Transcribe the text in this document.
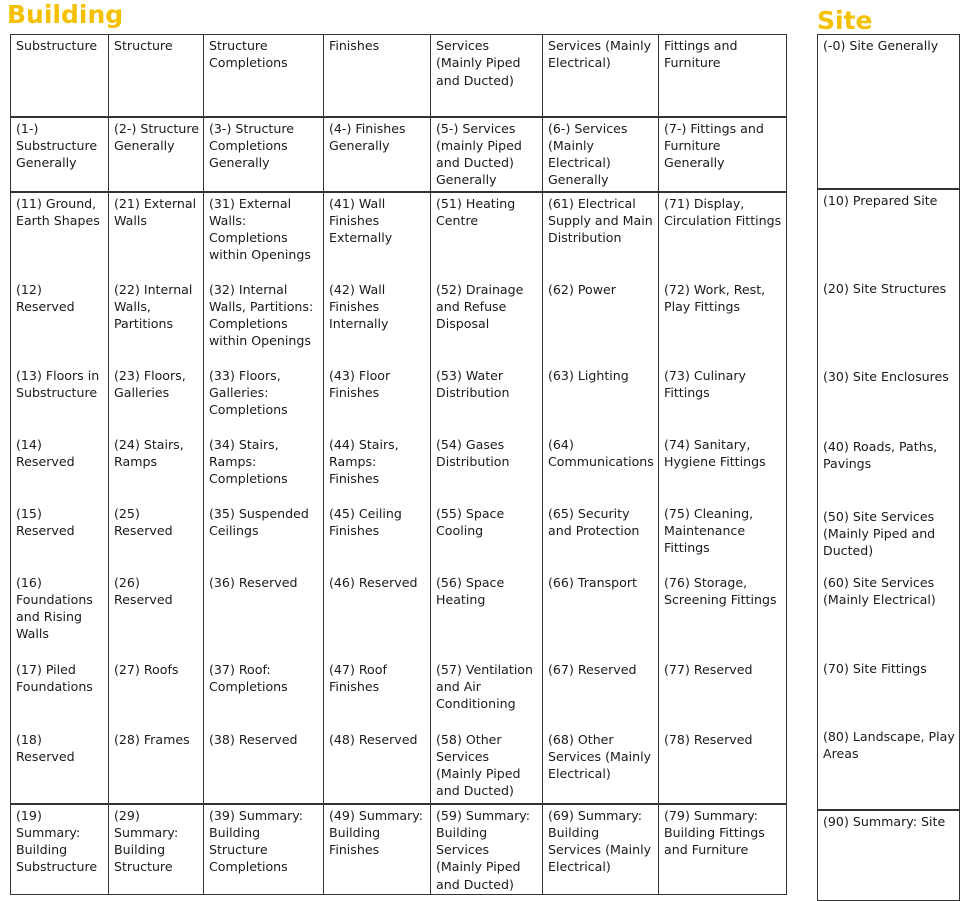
Building	Site
Substructure	Structure	Structure Completions	Finishes	Services (Mainly Piped and Ducted)	Services (Mainly Electrical)	Fittings and Furniture
(1-) Substructure Generally	(2-) Structure Generally	(3-) Structure Completions Generally	(4-) Finishes Generally	(5-) Services (mainly Piped and Ducted) Generally	(6-) Services (Mainly Electrical) Generally	(7-) Fittings and Furniture Generally
(11) Ground, Earth Shapes	(21) External Walls	(31) External Walls: Completions within Openings	(41) Wall Finishes Externally	(51) Heating Centre	(61) Electrical Supply and Main Distribution	(71) Display, Circulation Fittings
(12) Reserved	(22) Internal Walls, Partitions	(32) Internal Walls, Partitions: Completions within Openings	(42) Wall Finishes Internally	(52) Drainage and Refuse Disposal	(62) Power	(72) Work, Rest, Play Fittings
(13) Floors in Substructure	(23) Floors, Galleries	(33) Floors, Galleries: Completions	(43) Floor Finishes	(53) Water Distribution	(63) Lighting	(73) Culinary Fittings
(14) Reserved	(24) Stairs, Ramps	(34) Stairs, Ramps: Completions	(44) Stairs, Ramps: Finishes	(54) Gases Distribution	(64) Communications	(74) Sanitary, Hygiene Fittings
(15) Reserved	(25) Reserved	(35) Suspended Ceilings	(45) Ceiling Finishes	(55) Space Cooling	(65) Security and Protection	(75) Cleaning, Maintenance Fittings
(16) Foundations and Rising Walls	(26) Reserved	(36) Reserved	(46) Reserved	(56) Space Heating	(66) Transport	(76) Storage, Screening Fittings
(17) Piled Foundations	(27) Roofs	(37) Roof: Completions	(47) Roof Finishes	(57) Ventilation and Air Conditioning	(67) Reserved	(77) Reserved
(18) Reserved	(28) Frames	(38) Reserved	(48) Reserved	(58) Other Services (Mainly Piped and Ducted)	(68) Other Services (Mainly Electrical)	(78) Reserved
(19) Summary: Building Substructure	(29) Summary: Building Structure	(39) Summary: Building Structure Completions	(49) Summary: Building Finishes	(59) Summary: Building Services (Mainly Piped and Ducted)	(69) Summary: Building Services (Mainly Electrical)	(79) Summary: Building Fittings and Furniture
(-0) Site Generally
(10) Prepared Site
(20) Site Structures
(30) Site Enclosures
(40) Roads, Paths, Pavings
(50) Site Services (Mainly Piped and Ducted)
(60) Site Services (Mainly Electrical)
(70) Site Fittings
(80) Landscape, Play Areas
(90) Summary: Site
